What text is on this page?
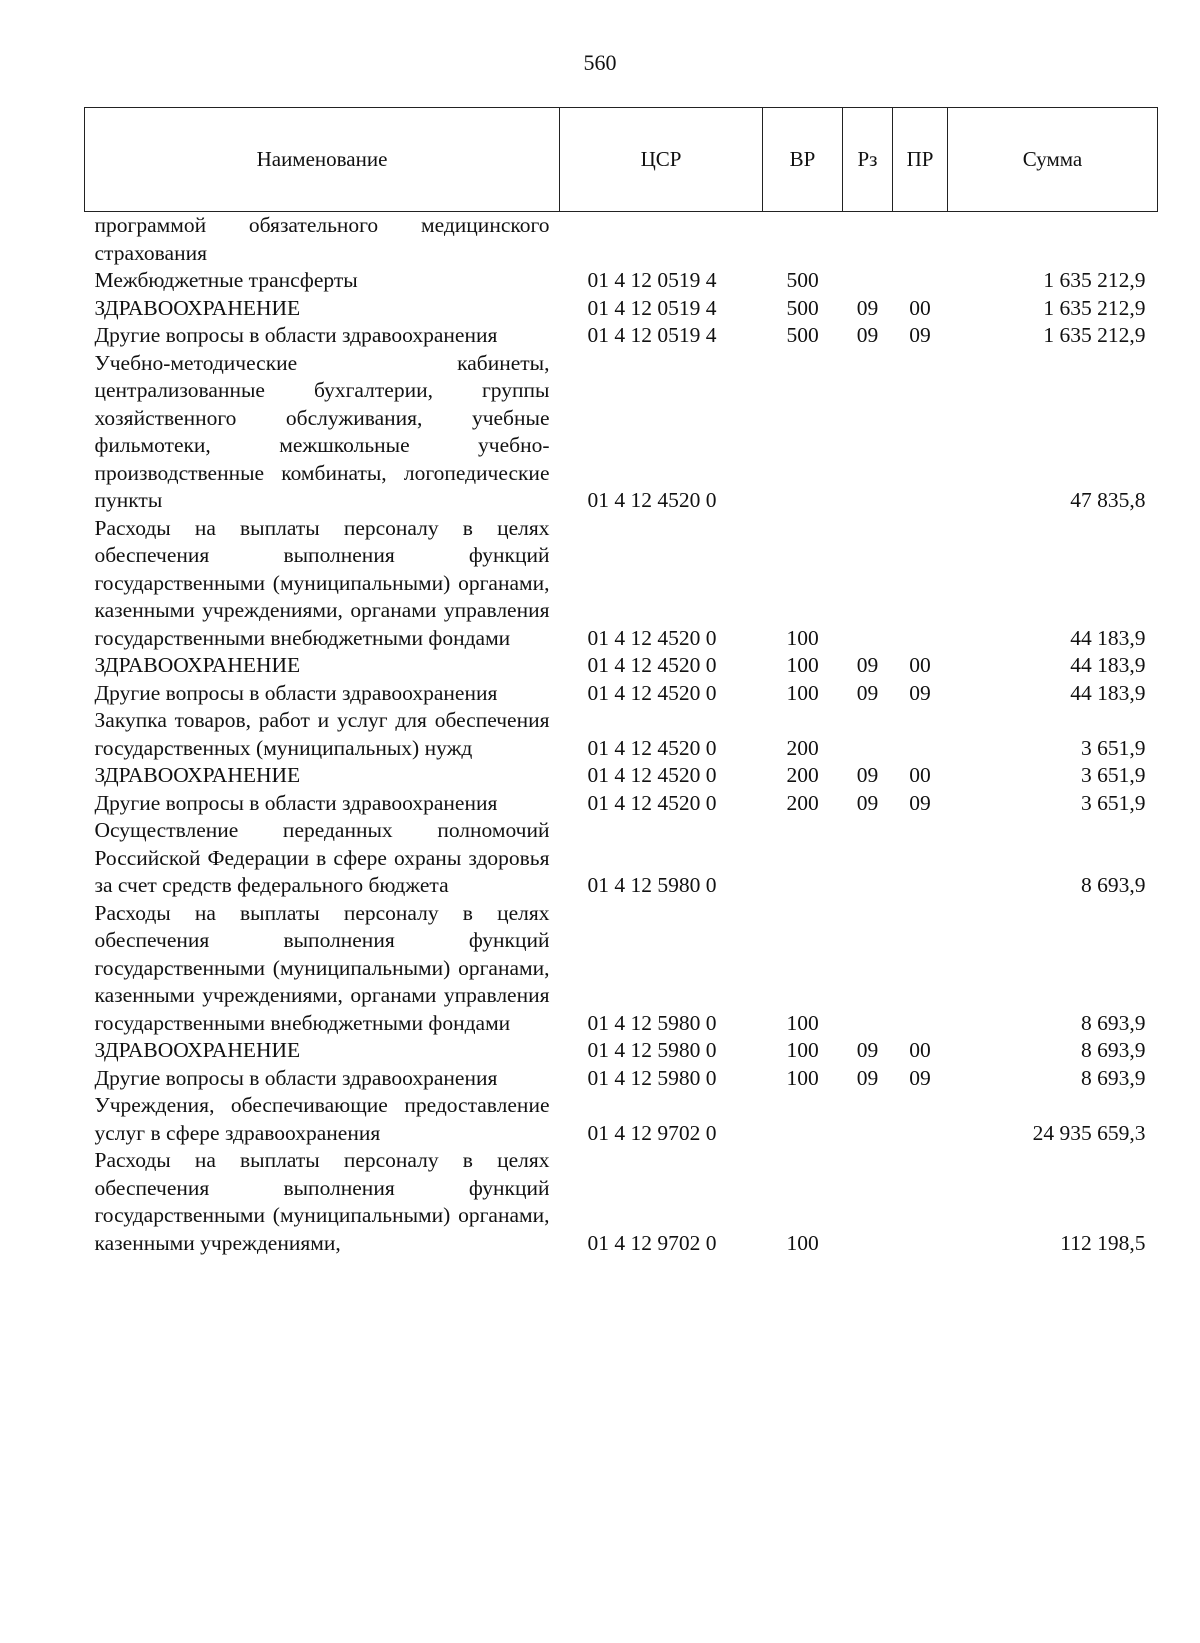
560
Наименование	ЦСР	ВР	Рз	ПР	Сумма
программой обязательного медицинского страхования					
Межбюджетные трансферты	01 4 12 0519 4	500			1 635 212,9
ЗДРАВООХРАНЕНИЕ	01 4 12 0519 4	500	09	00	1 635 212,9
Другие вопросы в области здравоохранения	01 4 12 0519 4	500	09	09	1 635 212,9
Учебно-методические кабинеты, централизованные бухгалтерии, группы хозяйственного обслуживания, учебные фильмотеки, межшкольные учебно-производственные комбинаты, логопедические пункты	01 4 12 4520 0				47 835,8
Расходы на выплаты персоналу в целях обеспечения выполнения функций государственными (муниципальными) органами, казенными учреждениями, органами управления государственными внебюджетными фондами	01 4 12 4520 0	100			44 183,9
ЗДРАВООХРАНЕНИЕ	01 4 12 4520 0	100	09	00	44 183,9
Другие вопросы в области здравоохранения	01 4 12 4520 0	100	09	09	44 183,9
Закупка товаров, работ и услуг для обеспечения государственных (муниципальных) нужд	01 4 12 4520 0	200			3 651,9
ЗДРАВООХРАНЕНИЕ	01 4 12 4520 0	200	09	00	3 651,9
Другие вопросы в области здравоохранения	01 4 12 4520 0	200	09	09	3 651,9
Осуществление переданных полномочий Российской Федерации в сфере охраны здоровья за счет средств федерального бюджета	01 4 12 5980 0				8 693,9
Расходы на выплаты персоналу в целях обеспечения выполнения функций государственными (муниципальными) органами, казенными учреждениями, органами управления государственными внебюджетными фондами	01 4 12 5980 0	100			8 693,9
ЗДРАВООХРАНЕНИЕ	01 4 12 5980 0	100	09	00	8 693,9
Другие вопросы в области здравоохранения	01 4 12 5980 0	100	09	09	8 693,9
Учреждения, обеспечивающие предоставление услуг в сфере здравоохранения	01 4 12 9702 0				24 935 659,3
Расходы на выплаты персоналу в целях обеспечения выполнения функций государственными (муниципальными) органами, казенными учреждениями,	01 4 12 9702 0	100			112 198,5
